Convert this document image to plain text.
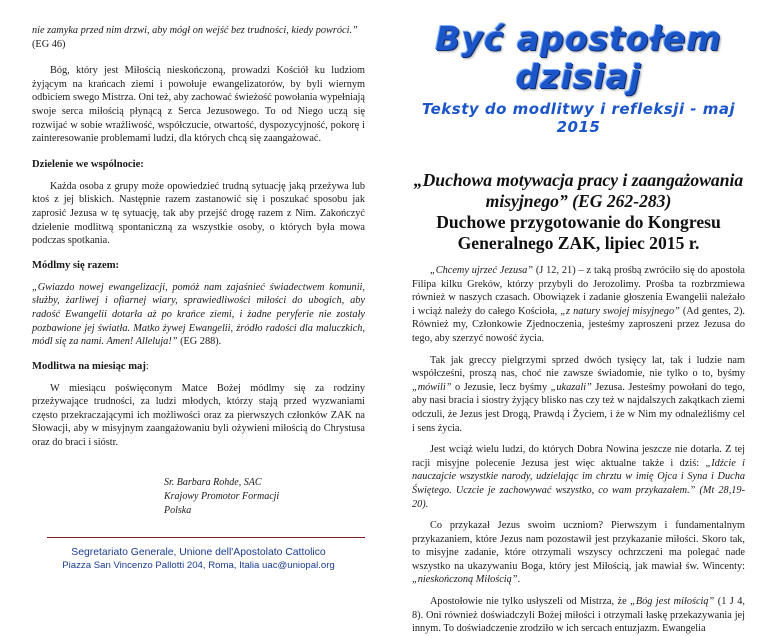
nie zamyka przed nim drzwi, aby mógł on wejść bez trudności, kiedy powróci.”

(EG 46)

Bóg, który jest Miłością nieskończoną, prowadzi Kościół ku ludziom żyjącym na krańcach ziemi i powołuje ewangelizatorów, by byli wiernym odbiciem swego Mistrza. Oni też, aby zachować świeżość powołania wypełniają swoje serca miłością płynącą z Serca Jezusowego. To od Niego uczą się rozwijać w sobie wrażliwość, współczucie, otwartość, dyspozycyjność, pokorę i zainteresowanie problemami ludzi, dla których chcą się zaangażować.

Dzielenie we wspólnocie:

Każda osoba z grupy może opowiedzieć trudną sytuację jaką przeżywa lub ktoś z jej bliskich. Następnie razem zastanowić się i poszukać sposobu jak zaprosić Jezusa w tę sytuację, tak aby przejść drogę razem z Nim. Zakończyć dzielenie modlitwą spontaniczną za wszystkie osoby, o których była mowa podczas spotkania.

Módlmy się razem:

„Gwiazdo nowej ewangelizacji, pomóż nam zajaśnieć świadectwem komunii, służby, żarliwej i ofiarnej wiary, sprawiedliwości miłości do ubogich, aby radość Ewangelii dotarła aż po krańce ziemi, i żadne peryferie nie zostały pozbawione jej światła. Matko żywej Ewangelii, źródło radości dla maluczkich, módl się za nami. Amen! Alleluja!” (EG 288).

Modlitwa na miesiąc maj:

W miesiącu poświęconym Matce Bożej módlmy się za rodziny przeżywające trudności, za ludzi młodych, którzy stają przed wyzwaniami często przekraczającymi ich możliwości oraz za pierwszych członków ZAK na Słowacji, aby w misyjnym zaangażowaniu byli ożywieni miłością do Chrystusa oraz do braci i sióstr.

Sr. Barbara Rohde, SAC

Krajowy Promotor Formacji

Polska

Segretariato Generale, Unione dell'Apostolato Cattolico

Piazza San Vincenzo Pallotti 204, Roma, Italia uac@uniopal.org

Być apostołem dzisiaj

Teksty do modlitwy i refleksji - maj 2015

„Duchowa motywacja pracy i zaangażowania misyjnego” (EG 262-283)

Duchowe przygotowanie do Kongresu Generalnego ZAK, lipiec 2015 r.

„Chcemy ujrzeć Jezusa” (J 12, 21) – z taką prośbą zwróciło się do apostoła Filipa kilku Greków, którzy przybyli do Jerozolimy. Prośba ta rozbrzmiewa również w naszych czasach. Obowiązek i zadanie głoszenia Ewangelii należało i wciąż należy do całego Kościoła, „z natury swojej misyjnego” (Ad gentes, 2). Również my, Członkowie Zjednoczenia, jesteśmy zaproszeni przez Jezusa do tego, aby szerzyć nowość życia.

Tak jak greccy pielgrzymi sprzed dwóch tysięcy lat, tak i ludzie nam współcześni, proszą nas, choć nie zawsze świadomie, nie tylko o to, byśmy „mówili” o Jezusie, lecz byśmy „ukazali” Jezusa. Jesteśmy powołani do tego, aby nasi bracia i siostry żyjący blisko nas czy też w najdalszych zakątkach ziemi odczuli, że Jezus jest Drogą, Prawdą i Życiem, i że w Nim my odnaleźliśmy cel i sens życia.

Jest wciąż wielu ludzi, do których Dobra Nowina jeszcze nie dotarła. Z tej racji misyjne polecenie Jezusa jest więc aktualne także i dziś: „Idźcie i nauczajcie wszystkie narody, udzielając im chrztu w imię Ojca i Syna i Ducha Świętego. Uczcie je zachowywać wszystko, co wam przykazałem.” (Mt 28,19-20).

Co przykazał Jezus swoim uczniom? Pierwszym i fundamentalnym przykazaniem, które Jezus nam pozostawił jest przykazanie miłości. Skoro tak, to misyjne zadanie, które otrzymali wszyscy ochrzczeni ma polegać nade wszystko na ukazywaniu Boga, który jest Miłością, jak mawiał św. Wincenty: „nieskończoną Miłością”.

Apostołowie nie tylko usłyszeli od Mistrza, że „Bóg jest miłością” (1 J 4, 8). Oni również doświadczyli Bożej miłości i otrzymali łaskę przekazywania jej innym. To doświadczenie zrodziło w ich sercach entuzjazm. Ewangelia
